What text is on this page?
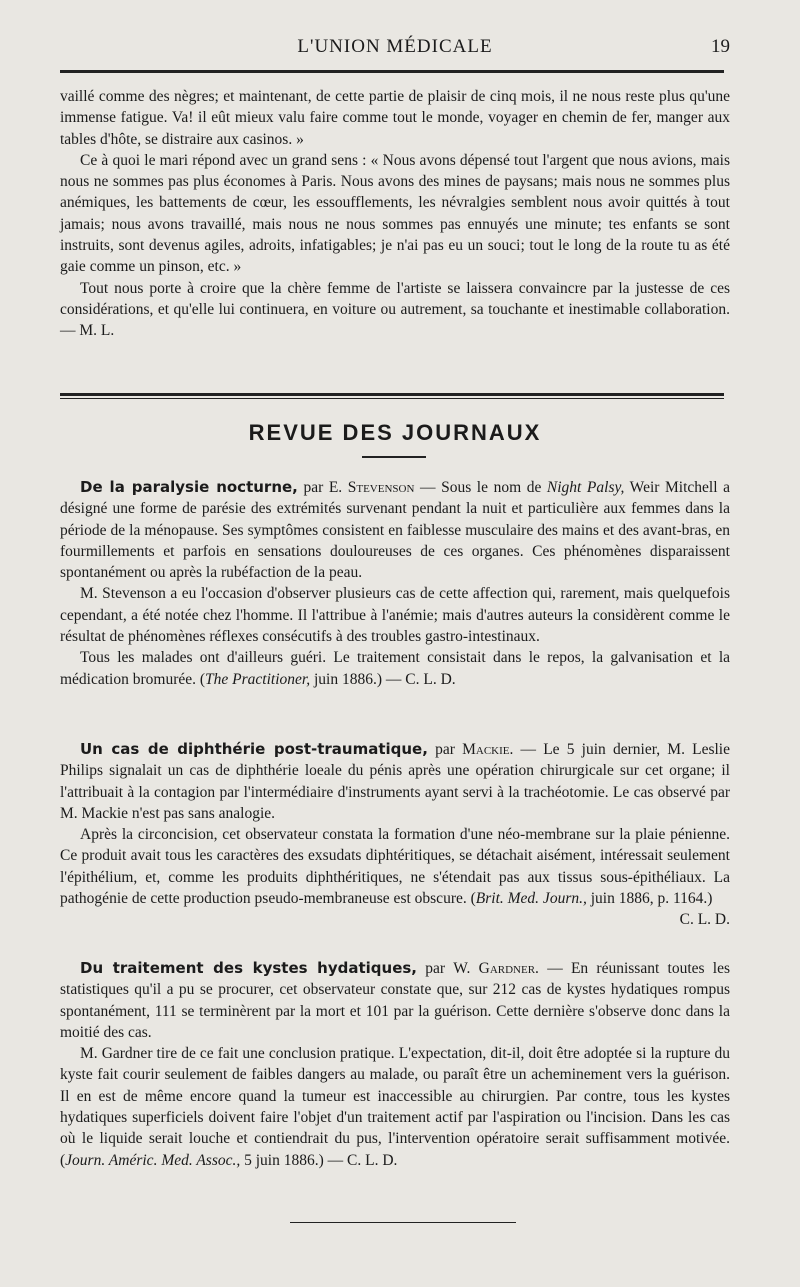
L'UNION MÉDICALE	19

vaillé comme des nègres; et maintenant, de cette partie de plaisir de cinq mois, il ne nous reste plus qu'une immense fatigue. Va! il eût mieux valu faire comme tout le monde, voyager en chemin de fer, manger aux tables d'hôte, se distraire aux casinos. »

Ce à quoi le mari répond avec un grand sens : « Nous avons dépensé tout l'argent que nous avions, mais nous ne sommes pas plus économes à Paris. Nous avons des mines de paysans; mais nous ne sommes plus anémiques, les battements de cœur, les essoufflements, les névralgies semblent nous avoir quittés à tout jamais; nous avons travaillé, mais nous ne nous sommes pas ennuyés une minute; tes enfants se sont instruits, sont devenus agiles, adroits, infatigables; je n'ai pas eu un souci; tout le long de la route tu as été gaie comme un pinson, etc. »

Tout nous porte à croire que la chère femme de l'artiste se laissera convaincre par la justesse de ces considérations, et qu'elle lui continuera, en voiture ou autrement, sa touchante et inestimable collaboration. — M. L.

REVUE DES JOURNAUX

De la paralysie nocturne, par E. Stevenson — Sous le nom de Night Palsy, Weir Mitchell a désigné une forme de parésie des extrémités survenant pendant la nuit et particulière aux femmes dans la période de la ménopause. Ses symptômes consistent en faiblesse musculaire des mains et des avant-bras, en fourmillements et parfois en sensations douloureuses de ces organes. Ces phénomènes disparaissent spontanément ou après la rubéfaction de la peau.

M. Stevenson a eu l'occasion d'observer plusieurs cas de cette affection qui, rarement, mais quelquefois cependant, a été notée chez l'homme. Il l'attribue à l'anémie; mais d'autres auteurs la considèrent comme le résultat de phénomènes réflexes consécutifs à des troubles gastro-intestinaux.

Tous les malades ont d'ailleurs guéri. Le traitement consistait dans le repos, la galvanisation et la médication bromurée. (The Practitioner, juin 1886.) — C. L. D.

Un cas de diphthérie post-traumatique, par Mackie. — Le 5 juin dernier, M. Leslie Philips signalait un cas de diphthérie loeale du pénis après une opération chirurgicale sur cet organe; il l'attribuait à la contagion par l'intermédiaire d'instruments ayant servi à la trachéotomie. Le cas observé par M. Mackie n'est pas sans analogie.

Après la circoncision, cet observateur constata la formation d'une néo-membrane sur la plaie pénienne. Ce produit avait tous les caractères des exsudats diphtéritiques, se détachait aisément, intéressait seulement l'épithélium, et, comme les produits diphthéritiques, ne s'étendait pas aux tissus sous-épithéliaux. La pathogénie de cette production pseudo-membraneuse est obscure. (Brit. Med. Journ., juin 1886, p. 1164.)

C. L. D.

Du traitement des kystes hydatiques, par W. Gardner. — En réunissant toutes les statistiques qu'il a pu se procurer, cet observateur constate que, sur 212 cas de kystes hydatiques rompus spontanément, 111 se terminèrent par la mort et 101 par la guérison. Cette dernière s'observe donc dans la moitié des cas.

M. Gardner tire de ce fait une conclusion pratique. L'expectation, dit-il, doit être adoptée si la rupture du kyste fait courir seulement de faibles dangers au malade, ou paraît être un acheminement vers la guérison. Il en est de même encore quand la tumeur est inaccessible au chirurgien. Par contre, tous les kystes hydatiques superficiels doivent faire l'objet d'un traitement actif par l'aspiration ou l'incision. Dans les cas où le liquide serait louche et contiendrait du pus, l'intervention opératoire serait suffisamment motivée. (Journ. Améric. Med. Assoc., 5 juin 1886.) — C. L. D.
